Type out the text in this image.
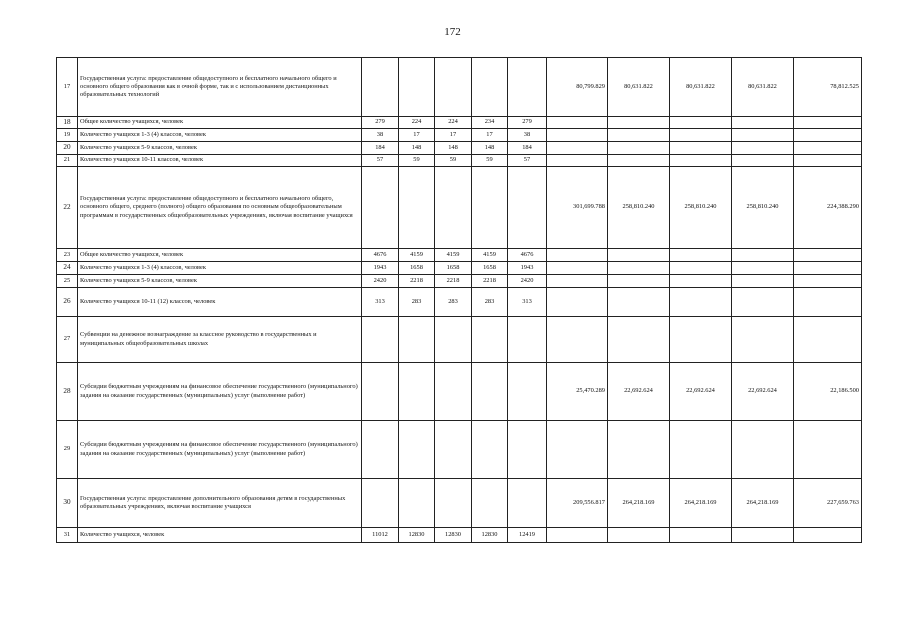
172
17	Государственная услуга: предоставление общедоступного и бесплатного начального общего и основного общего образования как в очной форме, так и с использованием дистанционных образовательных технологий						80,799.829	80,631.822	80,631.822	80,631.822	78,812.525
18	Общее количество учащихся, человек	279	224	224	234	279					
19	Количество учащихся 1-3 (4) классов, человек	38	17	17	17	38					
20	Количество учащихся 5-9 классов, человек	184	148	148	148	184					
21	Количество учащихся 10-11 классов, человек	57	59	59	59	57					
22	Государственная услуга: предоставление общедоступного и бесплатного начального общего, основного общего, среднего (полного) общего образования по основным общеобразовательным программам в государственных общеобразовательных учреждениях, включая воспитание учащихся						301,699.788	258,810.240	258,810.240	258,810.240	224,388.290
23	Общее количество учащихся, человек	4676	4159	4159	4159	4676					
24	Количество учащихся 1-3 (4) классов, человек	1943	1658	1658	1658	1943					
25	Количество учащихся 5-9 классов, человек	2420	2218	2218	2218	2420					
26	Количество учащихся 10-11 (12) классов, человек	313	283	283	283	313					
27	Субвенции на денежное вознаграждение за классное руководство в государственных и муниципальных общеобразовательных школах										
28	Субсидии бюджетным учреждениям на финансовое обеспечение государственного (муниципального) задания на оказание государственных (муниципальных) услуг (выполнение работ)						25,470.289	22,692.624	22,692.624	22,692.624	22,186.500
29	Субсидии бюджетным учреждениям на финансовое обеспечение государственного (муниципального) задания на оказание государственных (муниципальных) услуг (выполнение работ)										
30	Государственная услуга: предоставление дополнительного образования детям в государственных образовательных учреждениях, включая воспитание учащихся						209,556.817	264,218.169	264,218.169	264,218.169	227,659.763
31	Количество учащихся, человек	11012	12830	12830	12830	12419					
